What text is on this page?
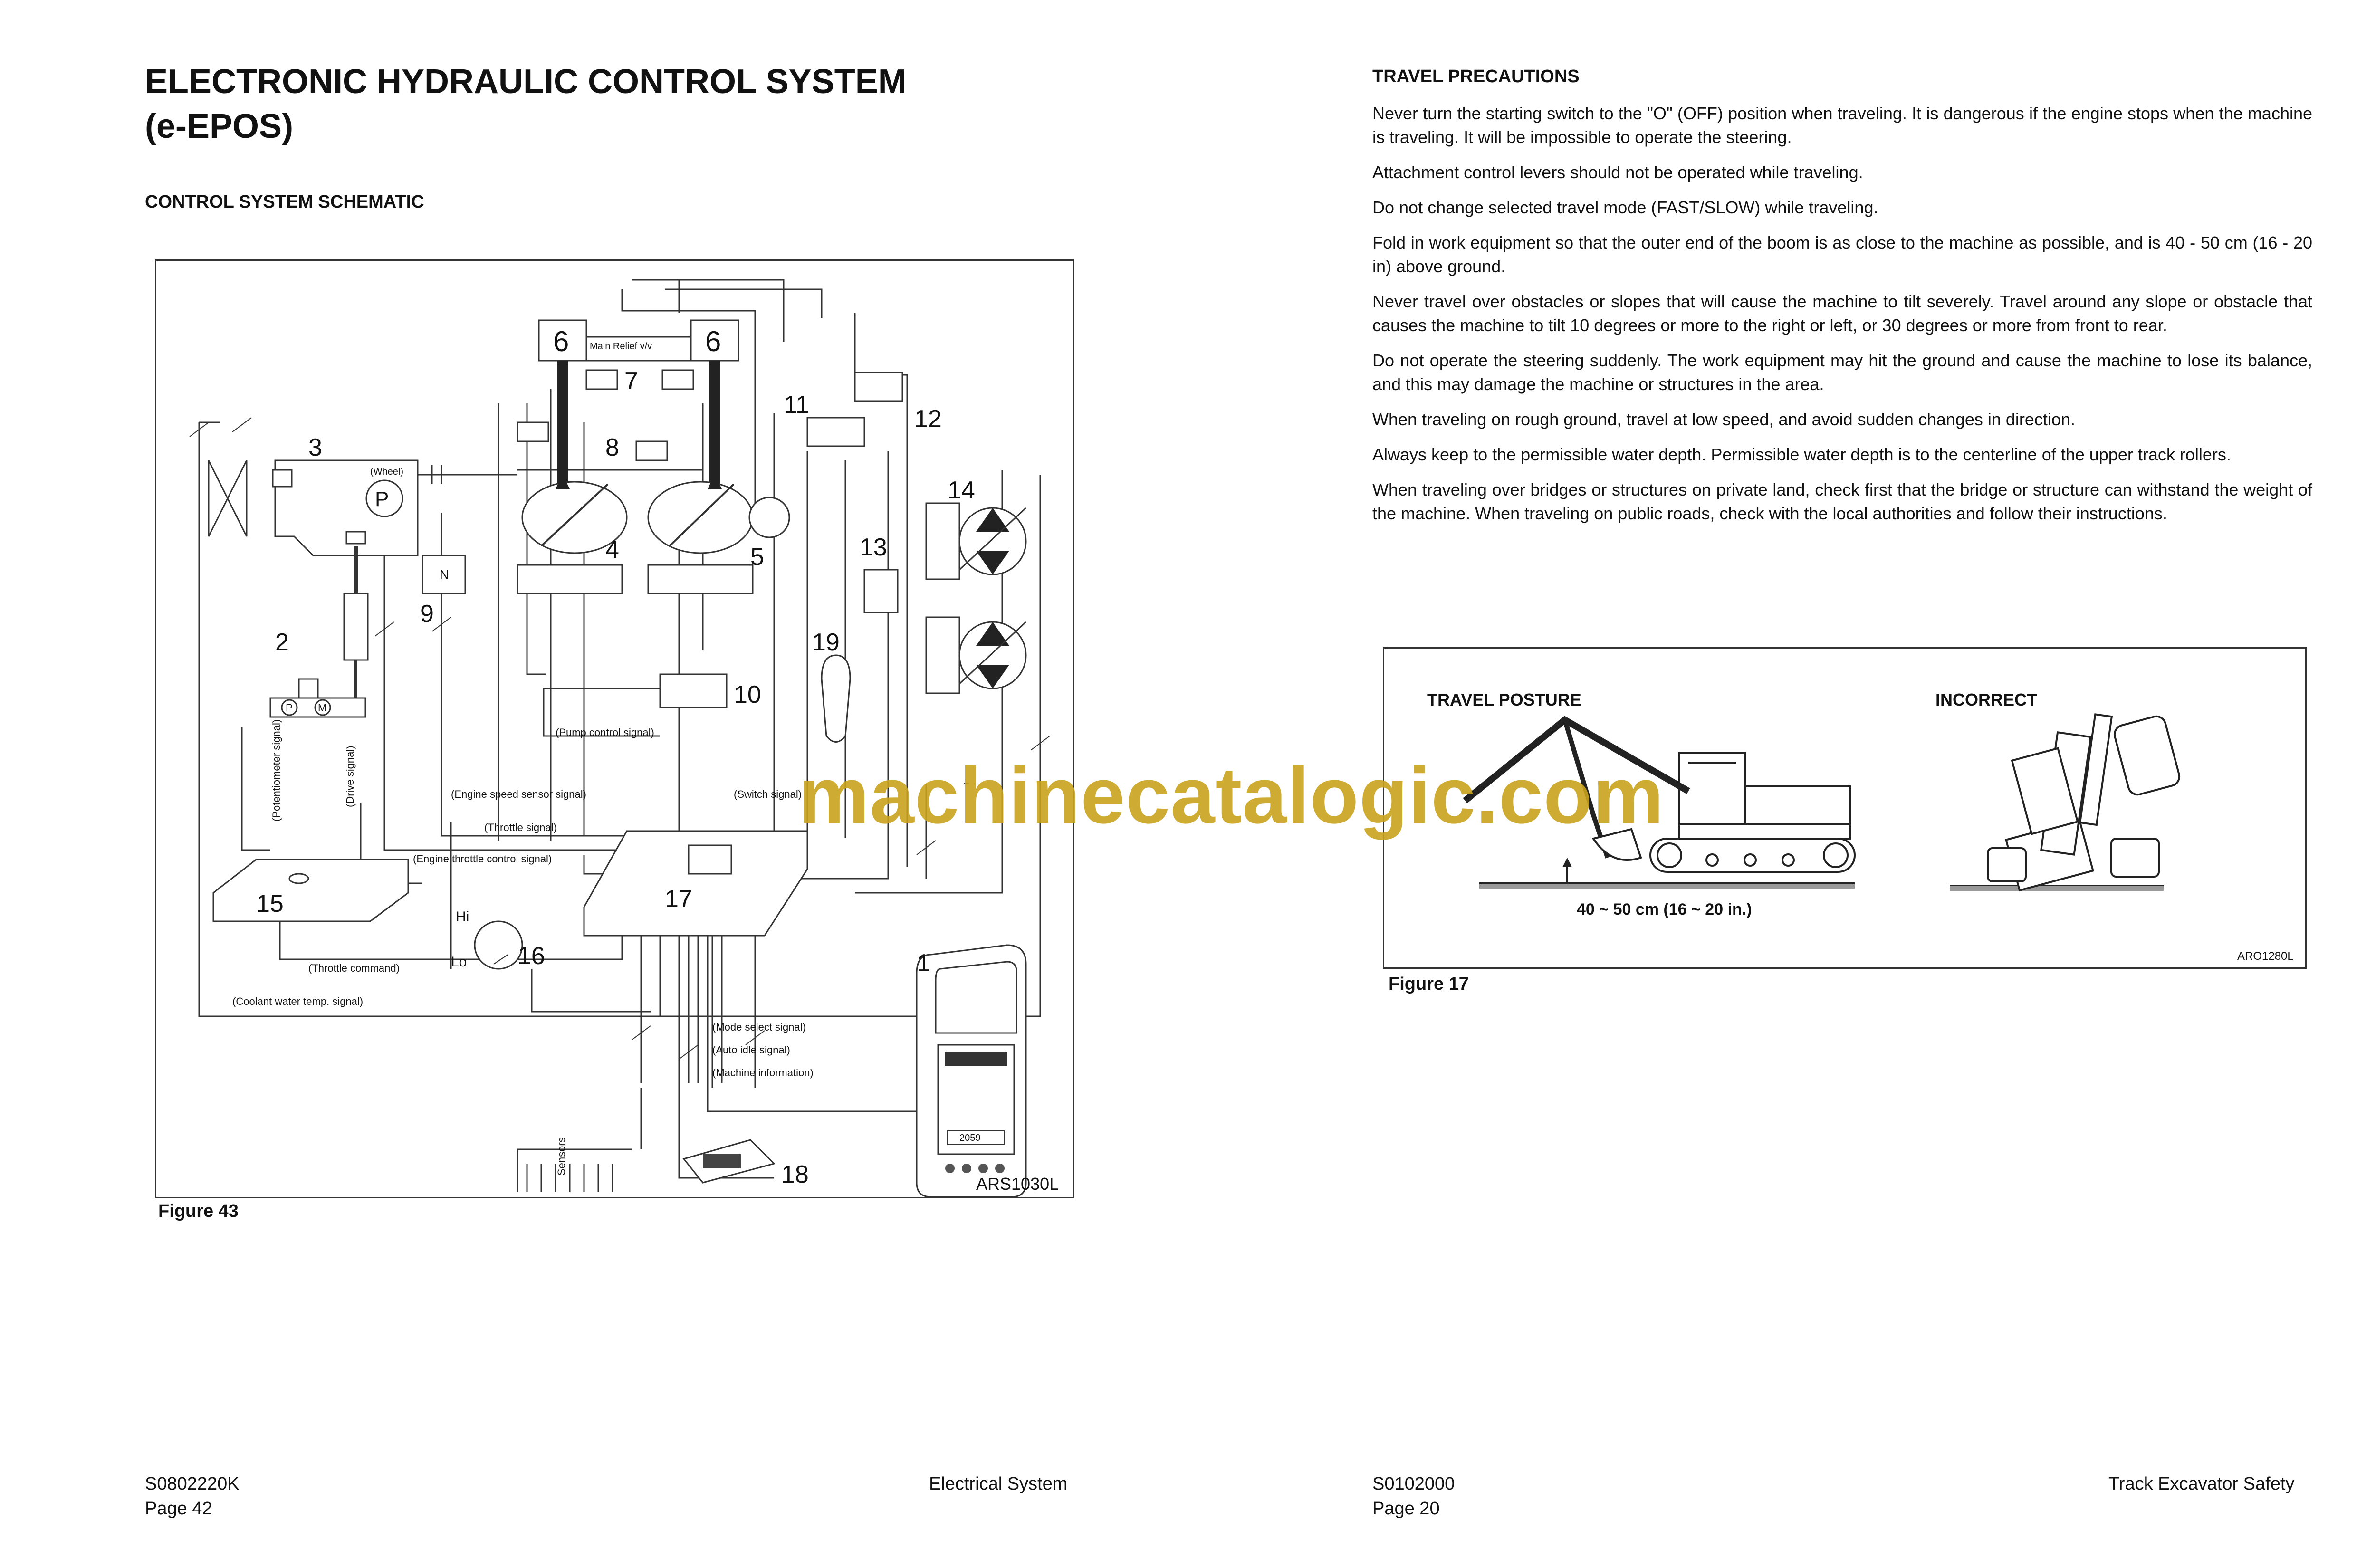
ELECTRONIC HYDRAULIC CONTROL SYSTEM
(e-EPOS)
CONTROL SYSTEM SCHEMATIC
3
P
(Wheel)
2
P M
N
9
6	6
Main Relief v/v
7
8
4	5
10
11
12
13
14
19
15	17
Hi
Lo 16
2059
1
18
(Pump control signal)
(Engine speed sensor signal)	(Switch signal)
(Throttle signal)
(Engine throttle control signal)
(Throttle command)
(Coolant water temp. signal)
(Mode select signal)
(Auto idle signal)
(Machine information)
(Potentiometer signal)	(Drive signal)
Sensors
ARS1030L
Figure 43
S0802220K
Page 42
Electrical System
TRAVEL PRECAUTIONS

Never turn the starting switch to the "O" (OFF) position when traveling. It is dangerous if the engine stops when the machine is traveling. It will be impossible to operate the steering.

Attachment control levers should not be operated while traveling.

Do not change selected travel mode (FAST/SLOW) while traveling.

Fold in work equipment so that the outer end of the boom is as close to the machine as possible, and is 40 - 50 cm (16 - 20 in) above ground.

Never travel over obstacles or slopes that will cause the machine to tilt severely. Travel around any slope or obstacle that causes the machine to tilt 10 degrees or more to the right or left, or 30 degrees or more from front to rear.

Do not operate the steering suddenly. The work equipment may hit the ground and cause the machine to lose its balance, and this may damage the machine or structures in the area.

When traveling on rough ground, travel at low speed, and avoid sudden changes in direction.

Always keep to the permissible water depth. Permissible water depth is to the centerline of the upper track rollers.

When traveling over bridges or structures on private land, check first that the bridge or structure can withstand the weight of the machine. When traveling on public roads, check with the local authorities and follow their instructions.

TRAVEL POSTURE	INCORRECT
40 ~ 50 cm (16 ~ 20 in.)
ARO1280L
Figure 17
S0102000
Page 20
Track Excavator Safety
machinecatalogic.com
